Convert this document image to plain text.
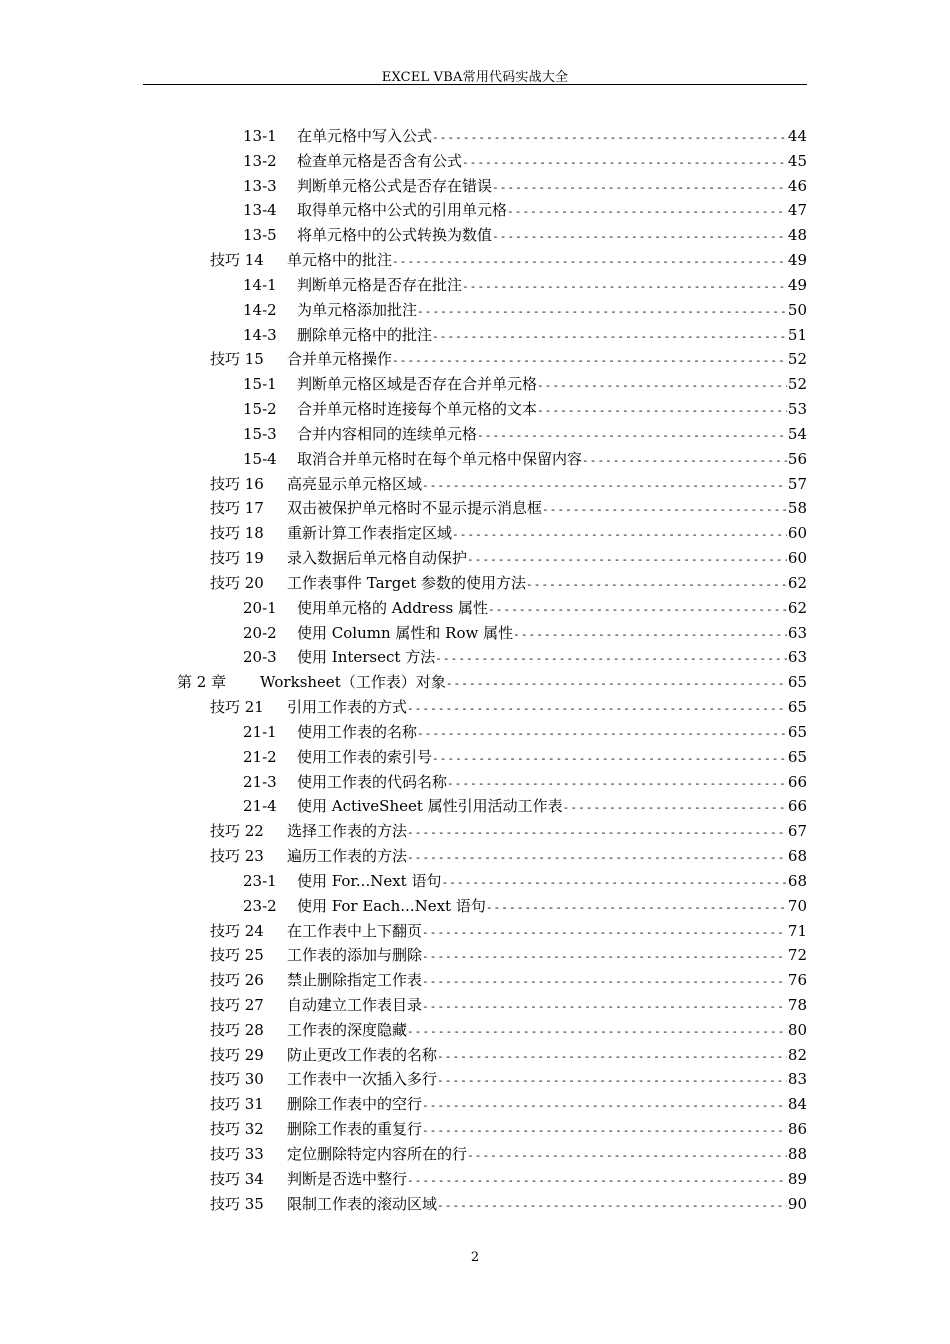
EXCEL VBA常用代码实战大全
13-1	在单元格中写入公式 -----	44
13-2	检查单元格是否含有公式 -----	45
13-3	判断单元格公式是否存在错误 -----	46
13-4	取得单元格中公式的引用单元格 -----	47
13-5	将单元格中的公式转换为数值 -----	48
技巧 14	单元格中的批注 -----	49
14-1	判断单元格是否存在批注 -----	49
14-2	为单元格添加批注 -----	50
14-3	删除单元格中的批注 -----	51
技巧 15	合并单元格操作 -----	52
15-1	判断单元格区域是否存在合并单元格 -----	52
15-2	合并单元格时连接每个单元格的文本 -----	53
15-3	合并内容相同的连续单元格 -----	54
15-4	取消合并单元格时在每个单元格中保留内容 -----	56
技巧 16	高亮显示单元格区域 -----	57
技巧 17	双击被保护单元格时不显示提示消息框 -----	58
技巧 18	重新计算工作表指定区域 -----	60
技巧 19	录入数据后单元格自动保护 -----	60
技巧 20	工作表事件 Target 参数的使用方法 -----	62
20-1	使用单元格的 Address 属性 -----	62
20-2	使用 Column 属性和 Row 属性 -----	63
20-3	使用 Intersect 方法 -----	63
第 2 章	Worksheet（工作表）对象 -----	65
技巧 21	引用工作表的方式 -----	65
21-1	使用工作表的名称 -----	65
21-2	使用工作表的索引号 -----	65
21-3	使用工作表的代码名称 -----	66
21-4	使用 ActiveSheet 属性引用活动工作表 -----	66
技巧 22	选择工作表的方法 -----	67
技巧 23	遍历工作表的方法 -----	68
23-1	使用 For...Next 语句 -----	68
23-2	使用 For Each...Next 语句 -----	70
技巧 24	在工作表中上下翻页 -----	71
技巧 25	工作表的添加与删除 -----	72
技巧 26	禁止删除指定工作表 -----	76
技巧 27	自动建立工作表目录 -----	78
技巧 28	工作表的深度隐藏 -----	80
技巧 29	防止更改工作表的名称 -----	82
技巧 30	工作表中一次插入多行 -----	83
技巧 31	删除工作表中的空行 -----	84
技巧 32	删除工作表的重复行 -----	86
技巧 33	定位删除特定内容所在的行 -----	88
技巧 34	判断是否选中整行 -----	89
技巧 35	限制工作表的滚动区域 -----	90
2
